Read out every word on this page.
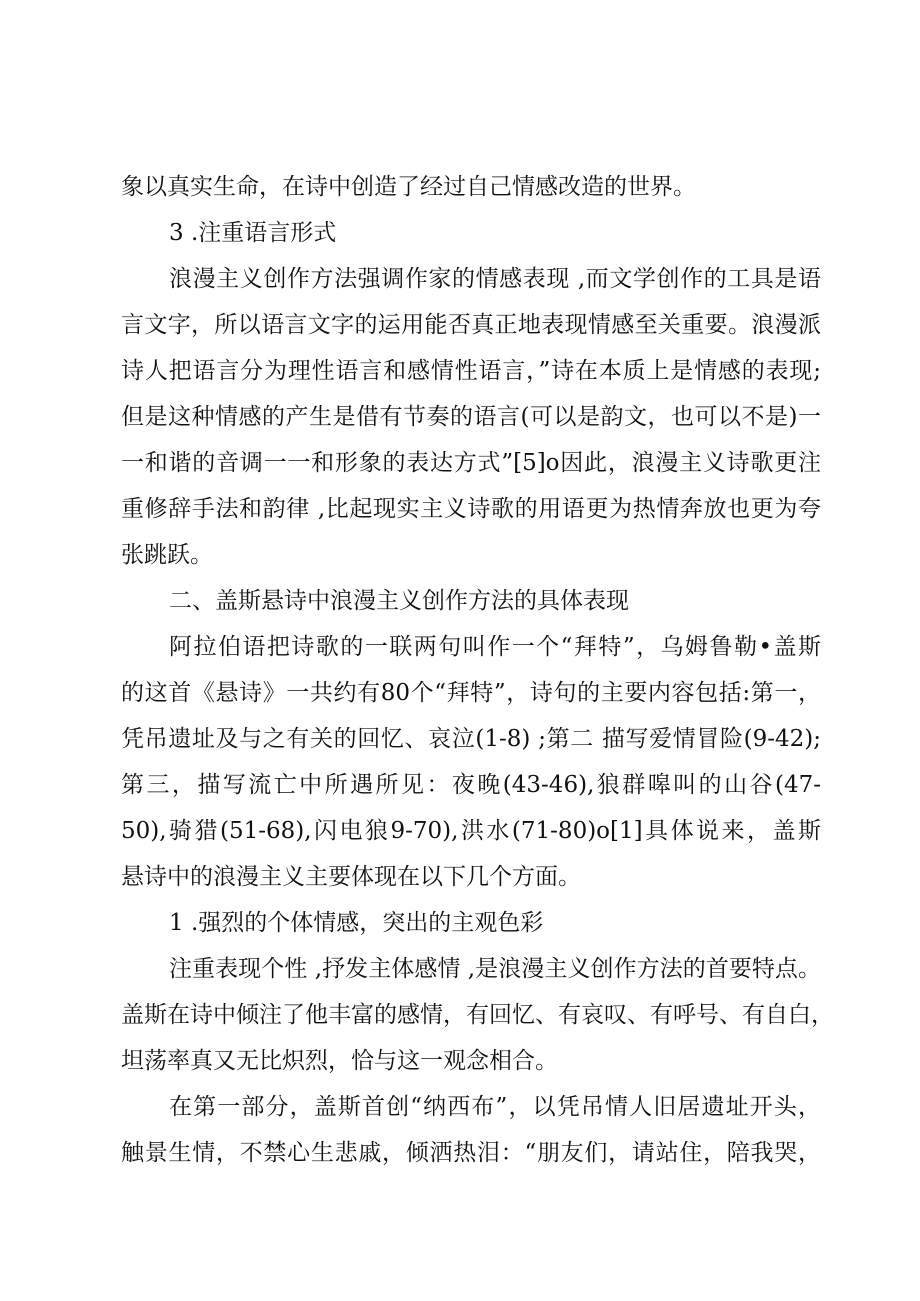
象以真实生命，在诗中创造了经过自己情感改造的世界。
3 .注重语言形式
浪漫主义创作方法强调作家的情感表现 ,而文学创作的工具是语
言文字，所以语言文字的运用能否真正地表现情感至关重要。浪漫派
诗人把语言分为理性语言和感情性语言，”诗在本质上是情感的表现;
但是这种情感的产生是借有节奏的语言(可以是韵文，也可以不是)一
一和谐的音调一一和形象的表达方式”[5]o因此，浪漫主义诗歌更注
重修辞手法和韵律 ,比起现实主义诗歌的用语更为热情奔放也更为夸
张跳跃。
二、盖斯悬诗中浪漫主义创作方法的具体表现
阿拉伯语把诗歌的一联两句叫作一个“拜特”，乌姆鲁勒•盖斯
的这首《悬诗》一共约有80个“拜特”，诗句的主要内容包括:第一，
凭吊遗址及与之有关的回忆、哀泣(1-8) ;第二 描写爱情冒险(9-42);
第三，描写流亡中所遇所见：夜晚(43-46),狼群嗥叫的山谷(47-
50),骑猎(51-68),闪电狼9-70),洪水(71-80)o[1]具体说来，盖斯
悬诗中的浪漫主义主要体现在以下几个方面。
1 .强烈的个体情感，突出的主观色彩
注重表现个性 ,抒发主体感情 ,是浪漫主义创作方法的首要特点。
盖斯在诗中倾注了他丰富的感情，有回忆、有哀叹、有呼号、有自白，
坦荡率真又无比炽烈，恰与这一观念相合。
在第一部分，盖斯首创“纳西布”，以凭吊情人旧居遗址开头，
触景生情，不禁心生悲戚，倾洒热泪：“朋友们，请站住，陪我哭，
